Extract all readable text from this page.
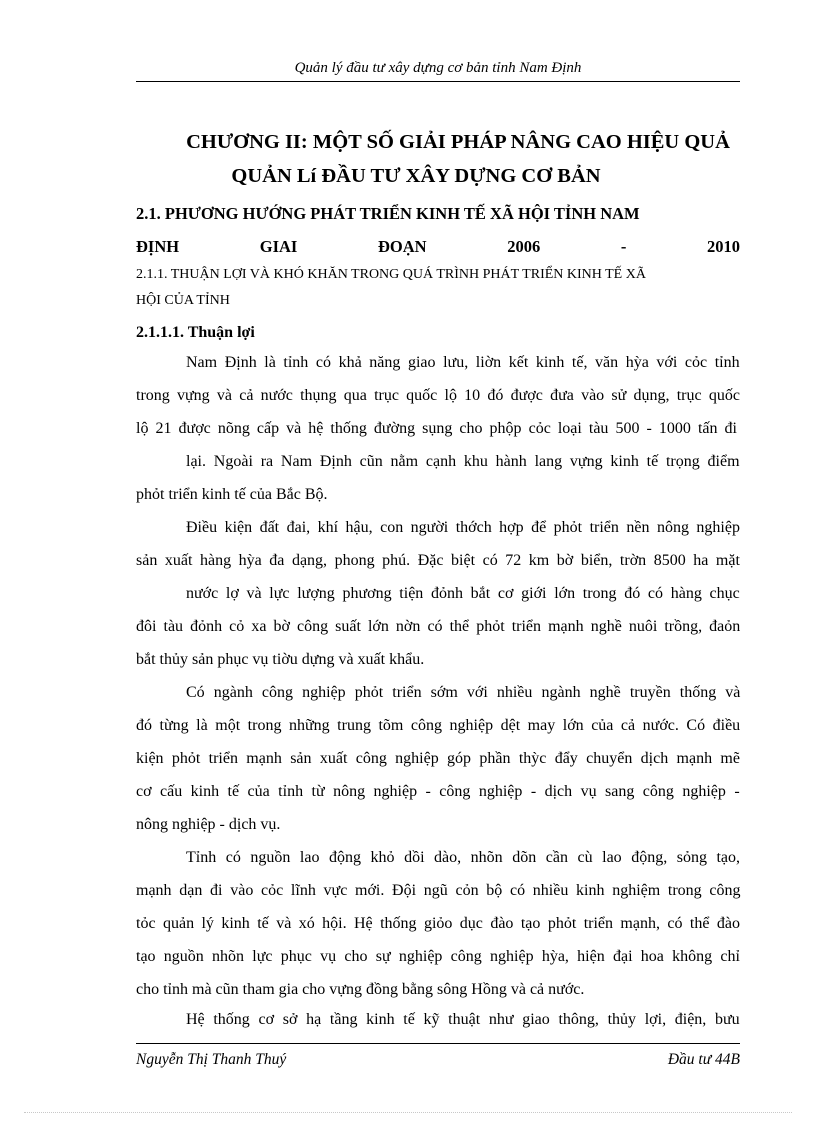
Quản lý đầu tư xây dựng cơ bản tỉnh Nam Định
CHƯƠNG II: MỘT SỐ GIẢI PHÁP NÂNG CAO HIỆU QUẢ
QUẢN Lí ĐẦU TƯ XÂY DỰNG CƠ BẢN
2.1. PHƯƠNG HƯỚNG PHÁT TRIỂN KINH TẾ XÃ HỘI TỈNH NAM
ĐỊNH	GIAI	ĐOẠN	2006	-	2010
2.1.1. THUẬN LỢI VÀ KHÓ KHĂN TRONG QUÁ TRÌNH PHÁT TRIỂN KINH TẾ XÃ
HỘI CỦA TỈNH
2.1.1.1. Thuận lợi
Nam Định là tỉnh có khả năng giao lưu, liờn kết kinh tế, văn hỳa với cỏc tỉnh
trong vựng và cả nước thụng qua trục quốc lộ 10 đó được đưa vào sử dụng, trục quốc
lộ 21 được nõng cấp và hệ thống đường sụng cho phộp cỏc loại tàu 500 - 1000 tấn đi
lại. Ngoài ra Nam Định cũn nằm cạnh khu hành lang vựng kinh tế trọng điểm
phỏt triển kinh tế của Bắc Bộ.
Điều kiện đất đai, khí hậu, con người thớch hợp để phỏt triển nền nông nghiệp
sản xuất hàng hỳa đa dạng, phong phú. Đặc biệt có 72 km bờ biển, trờn 8500 ha mặt
nước lợ và lực lượng phương tiện đỏnh bắt cơ giới lớn trong đó có hàng chục
đôi tàu đỏnh cỏ xa bờ công suất lớn nờn có thể phỏt triển mạnh nghề nuôi trồng, đaỏn
bắt thủy sản phục vụ tiờu dựng và xuất khẩu.
Có ngành công nghiệp phỏt triển sớm với nhiều ngành nghề truyền thống và
đó từng là một trong những trung tõm công nghiệp dệt may lớn của cả nước. Có điều
kiện phỏt triển mạnh sản xuất công nghiệp góp phần thỳc đẩy chuyển dịch mạnh mẽ
cơ cấu kinh tế của tỉnh từ nông nghiệp - công nghiệp - dịch vụ sang công nghiệp -
nông nghiệp - dịch vụ.
Tỉnh có nguồn lao động khỏ dồi dào, nhõn dõn cần cù lao động, sỏng tạo,
mạnh dạn đi vào cỏc lĩnh vực mới. Đội ngũ cỏn bộ có nhiều kinh nghiệm trong công
tỏc quản lý kinh tế và xó hội. Hệ thống giỏo dục đào tạo phỏt triển mạnh, có thể đào
tạo nguồn nhõn lực phục vụ cho sự nghiệp công nghiệp hỳa, hiện đại hoa không chỉ
cho tỉnh mà cũn tham gia cho vựng đồng bằng sông Hồng và cả nước.
Hệ thống cơ sở hạ tầng kinh tế kỹ thuật như giao thông, thủy lợi, điện, bưu
Nguyễn Thị Thanh Thuý	Đầu tư 44B
